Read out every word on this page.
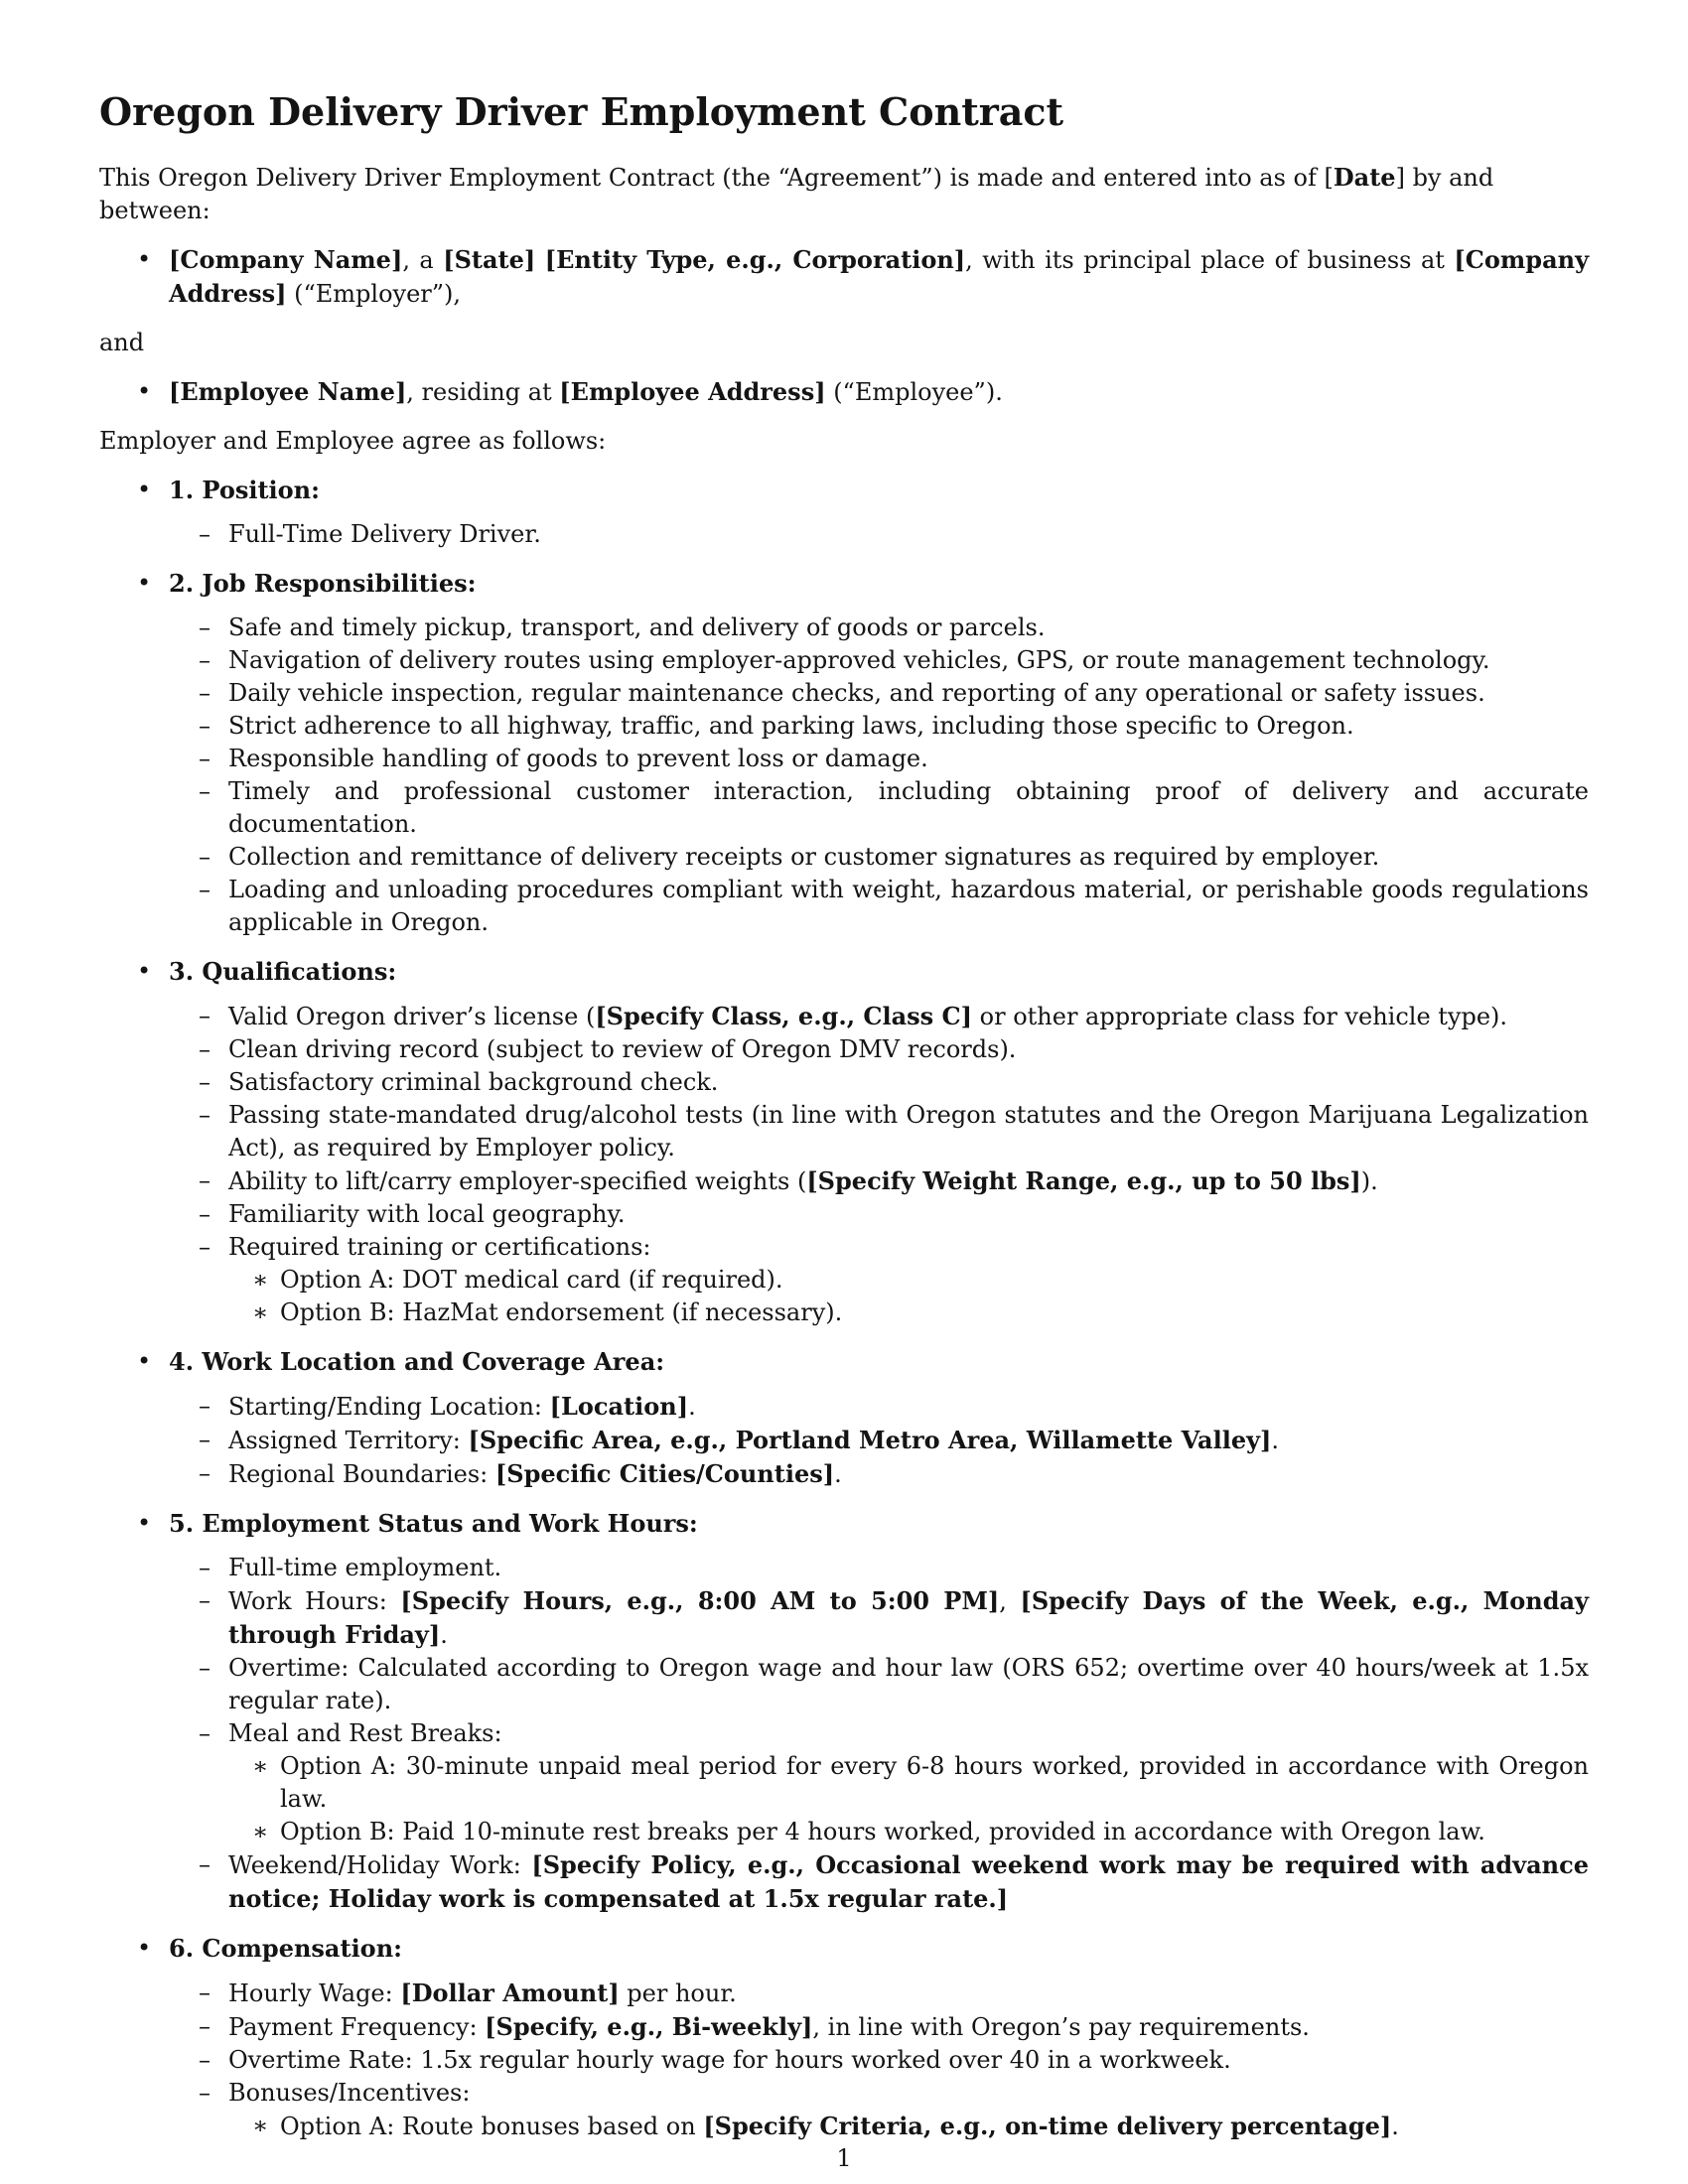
Oregon Delivery Driver Employment Contract

This Oregon Delivery Driver Employment Contract (the “Agreement”) is made and entered into as of [Date] by and between:

• [Company Name], a [State] [Entity Type, e.g., Corporation], with its principal place of business at [Company Address] (“Employer”),

and

• [Employee Name], residing at [Employee Address] (“Employee”).

Employer and Employee agree as follows:

• 1. Position:
– Full-Time Delivery Driver.
• 2. Job Responsibilities:
– Safe and timely pickup, transport, and delivery of goods or parcels.
– Navigation of delivery routes using employer-approved vehicles, GPS, or route management technology.
– Daily vehicle inspection, regular maintenance checks, and reporting of any operational or safety issues.
– Strict adherence to all highway, traffic, and parking laws, including those specific to Oregon.
– Responsible handling of goods to prevent loss or damage.
– Timely and professional customer interaction, including obtaining proof of delivery and accurate documentation.
– Collection and remittance of delivery receipts or customer signatures as required by employer.
– Loading and unloading procedures compliant with weight, hazardous material, or perishable goods regulations applicable in Oregon.
• 3. Qualifications:
– Valid Oregon driver’s license ([Specify Class, e.g., Class C] or other appropriate class for vehicle type).
– Clean driving record (subject to review of Oregon DMV records).
– Satisfactory criminal background check.
– Passing state-mandated drug/alcohol tests (in line with Oregon statutes and the Oregon Marijuana Legalization Act), as required by Employer policy.
– Ability to lift/carry employer-specified weights ([Specify Weight Range, e.g., up to 50 lbs]).
– Familiarity with local geography.
– Required training or certifications:
∗ Option A: DOT medical card (if required).
∗ Option B: HazMat endorsement (if necessary).
• 4. Work Location and Coverage Area:
– Starting/Ending Location: [Location].
– Assigned Territory: [Specific Area, e.g., Portland Metro Area, Willamette Valley].
– Regional Boundaries: [Specific Cities/Counties].
• 5. Employment Status and Work Hours:
– Full-time employment.
– Work Hours: [Specify Hours, e.g., 8:00 AM to 5:00 PM], [Specify Days of the Week, e.g., Monday through Friday].
– Overtime: Calculated according to Oregon wage and hour law (ORS 652; overtime over 40 hours/week at 1.5x regular rate).
– Meal and Rest Breaks:
∗ Option A: 30-minute unpaid meal period for every 6-8 hours worked, provided in accordance with Oregon law.
∗ Option B: Paid 10-minute rest breaks per 4 hours worked, provided in accordance with Oregon law.
– Weekend/Holiday Work: [Specify Policy, e.g., Occasional weekend work may be required with advance notice; Holiday work is compensated at 1.5x regular rate.]
• 6. Compensation:
– Hourly Wage: [Dollar Amount] per hour.
– Payment Frequency: [Specify, e.g., Bi-weekly], in line with Oregon’s pay requirements.
– Overtime Rate: 1.5x regular hourly wage for hours worked over 40 in a workweek.
– Bonuses/Incentives:
∗ Option A: Route bonuses based on [Specify Criteria, e.g., on-time delivery percentage].
1
